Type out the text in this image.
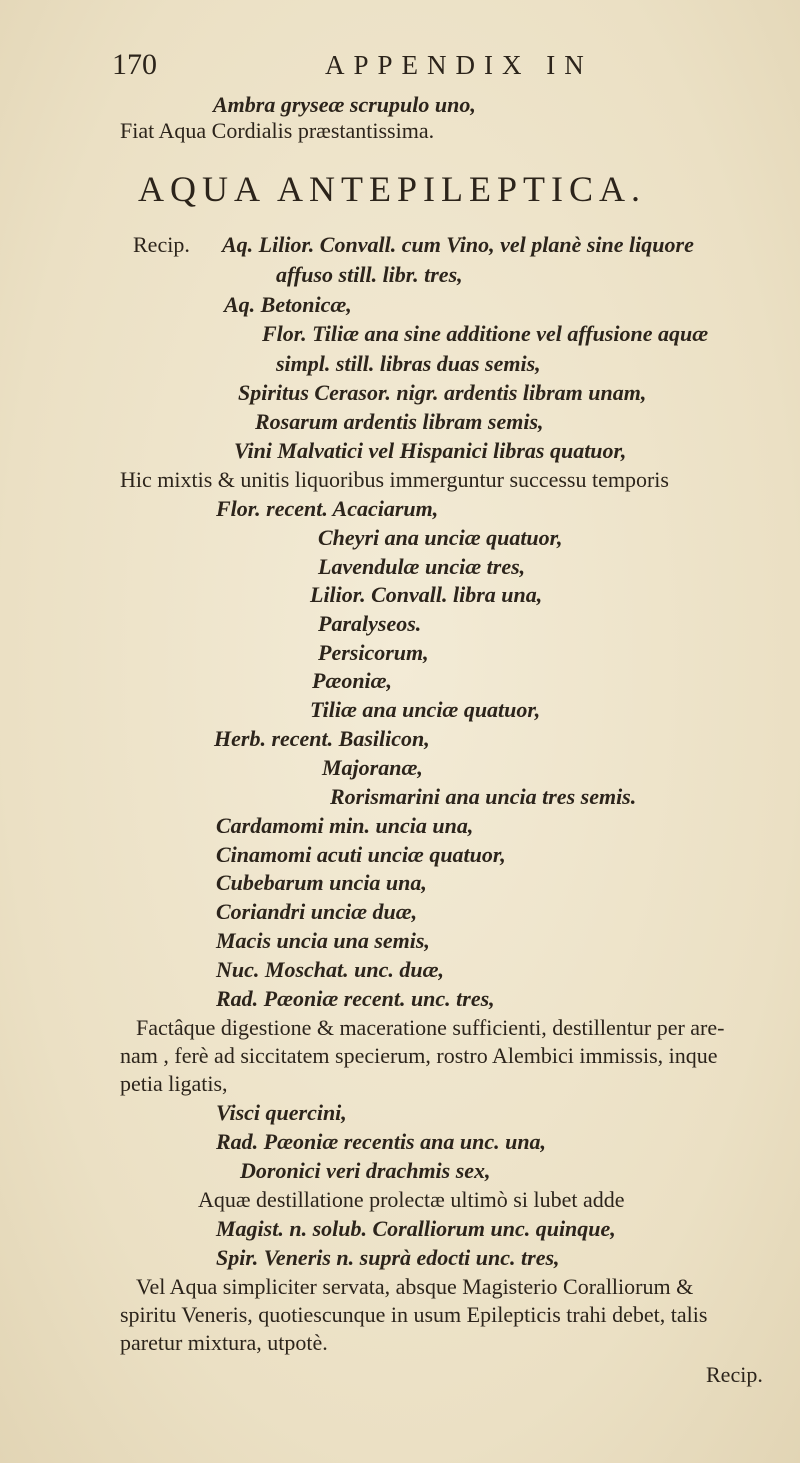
170	APPENDIX IN
Ambra gryseæ scrupulo uno,
Fiat Aqua Cordialis præstantissima.
AQUA ANTEPILEPTICA.
Recip. Aq. Lilior. Convall. cum Vino, vel planè sine liquore
affuso still. libr. tres,
Aq. Betonicæ,
Flor. Tiliæ ana sine additione vel affusione aquæ
simpl. still. libras duas semis,
Spiritus Cerasor. nigr. ardentis libram unam,
Rosarum ardentis libram semis,
Vini Malvatici vel Hispanici libras quatuor,
Hic mixtis & unitis liquoribus immerguntur successu temporis
Flor. recent. Acaciarum,
Cheyri ana unciæ quatuor,
Lavendulæ unciæ tres,
Lilior. Convall. libra una,
Paralyseos.
Persicorum,
Pæoniæ,
Tiliæ ana unciæ quatuor,
Herb. recent. Basilicon,
Majoranæ,
Rorismarini ana uncia tres semis.
Cardamomi min. uncia una,
Cinamomi acuti unciæ quatuor,
Cubebarum uncia una,
Coriandri unciæ duæ,
Macis uncia una semis,
Nuc. Moschat. unc. duæ,
Rad. Pæoniæ recent. unc. tres,
Factâque digestione & maceratione sufficienti, destillentur per are-
nam , ferè ad siccitatem specierum, rostro Alembici immissis, inque
petia ligatis,
Visci quercini,
Rad. Pæoniæ recentis ana unc. una,
Doronici veri drachmis sex,
Aquæ destillatione prolectæ ultimò si lubet adde
Magist. n. solub. Coralliorum unc. quinque,
Spir. Veneris n. suprà edocti unc. tres,
Vel Aqua simpliciter servata, absque Magisterio Coralliorum &
spiritu Veneris, quotiescunque in usum Epilepticis trahi debet, talis
paretur mixtura, utpotè.
Recip.
